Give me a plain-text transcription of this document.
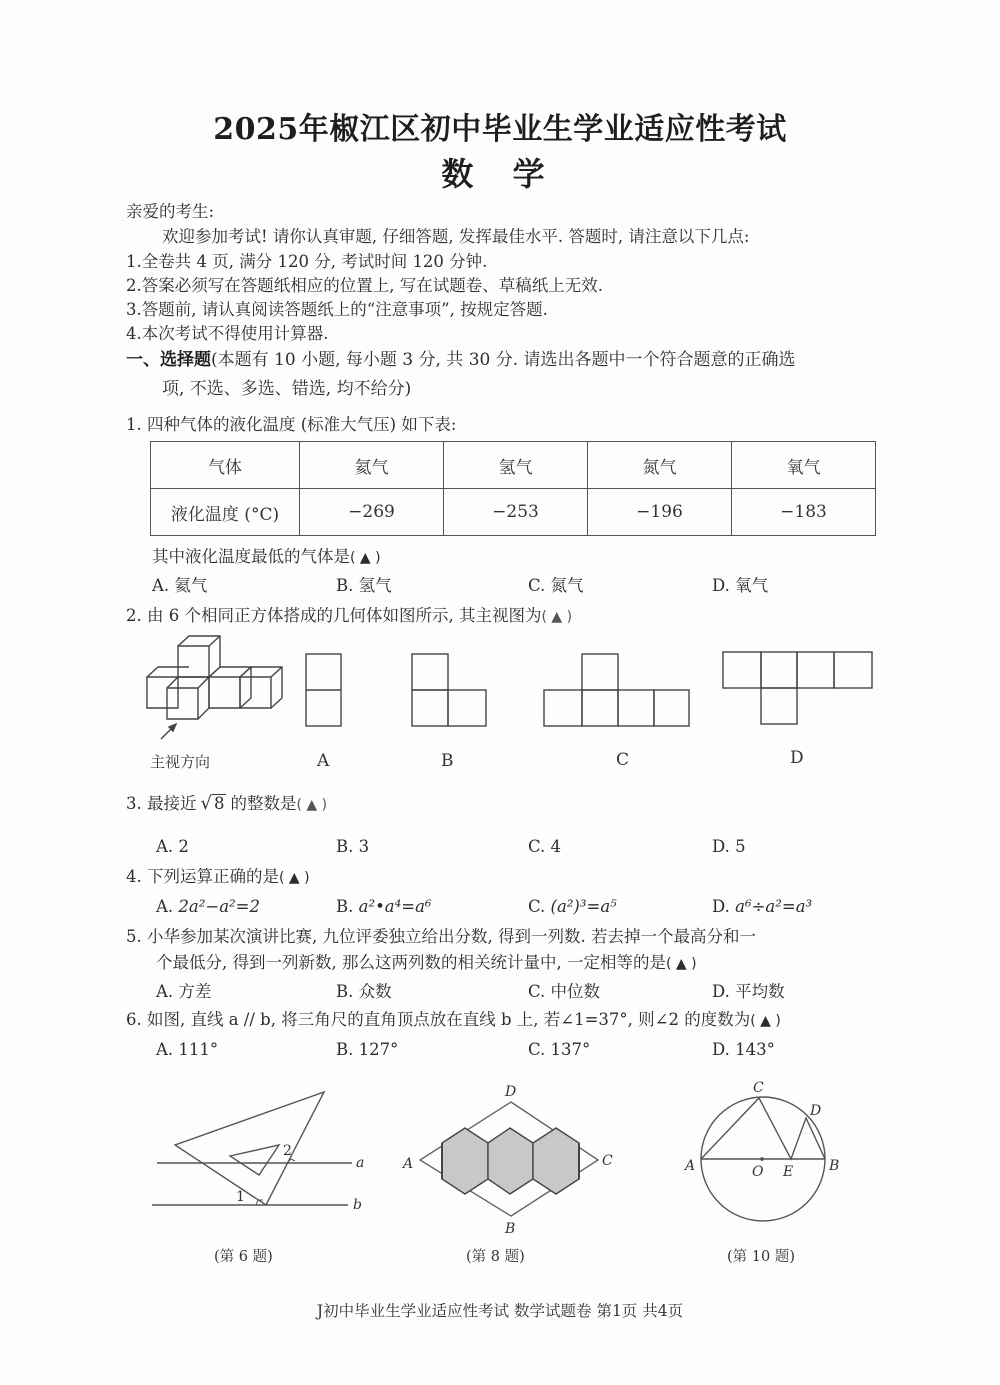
2025年椒江区初中毕业生学业适应性考试
数 学
亲爱的考生:
欢迎参加考试! 请你认真审题, 仔细答题, 发挥最佳水平. 答题时, 请注意以下几点:
1.全卷共 4 页, 满分 120 分, 考试时间 120 分钟.
2.答案必须写在答题纸相应的位置上, 写在试题卷、草稿纸上无效.
3.答题前, 请认真阅读答题纸上的“注意事项”, 按规定答题.
4.本次考试不得使用计算器.
一、选择题(本题有 10 小题, 每小题 3 分, 共 30 分. 请选出各题中一个符合题意的正确选
项, 不选、多选、错选, 均不给分)
1. 四种气体的液化温度 (标准大气压) 如下表:
气体	氦气	氢气	氮气	氧气
液化温度 (°C)	−269	−253	−196	−183
其中液化温度最低的气体是( ▲ )
A. 氦气	B. 氢气	C. 氮气	D. 氧气
2. 由 6 个相同正方体搭成的几何体如图所示, 其主视图为( ▲ )
主视方向	A	B	C	D
3. 最接近 √ 8 的整数是( ▲ )
A. 2	B. 3	C. 4	D. 5
4. 下列运算正确的是( ▲ )
A. 2a²−a²=2	B. a²•a⁴=a⁶	C. (a²)³=a⁵	D. a⁶÷a²=a³
5. 小华参加某次演讲比赛, 九位评委独立给出分数, 得到一列数. 若去掉一个最高分和一
个最低分, 得到一列新数, 那么这两列数的相关统计量中, 一定相等的是( ▲ )
A. 方差	B. 众数	C. 中位数	D. 平均数
6. 如图, 直线 a // b, 将三角尺的直角顶点放在直线 b 上, 若∠1=37°, 则∠2 的度数为( ▲ )
A. 111°	B. 127°	C. 137°	D. 143°
a
b
1
2
D
A	C
B
C
D
A	B
O E
(第 6 题)	(第 8 题)	(第 10 题)
J初中毕业生学业适应性考试 数学试题卷 第1页 共4页
